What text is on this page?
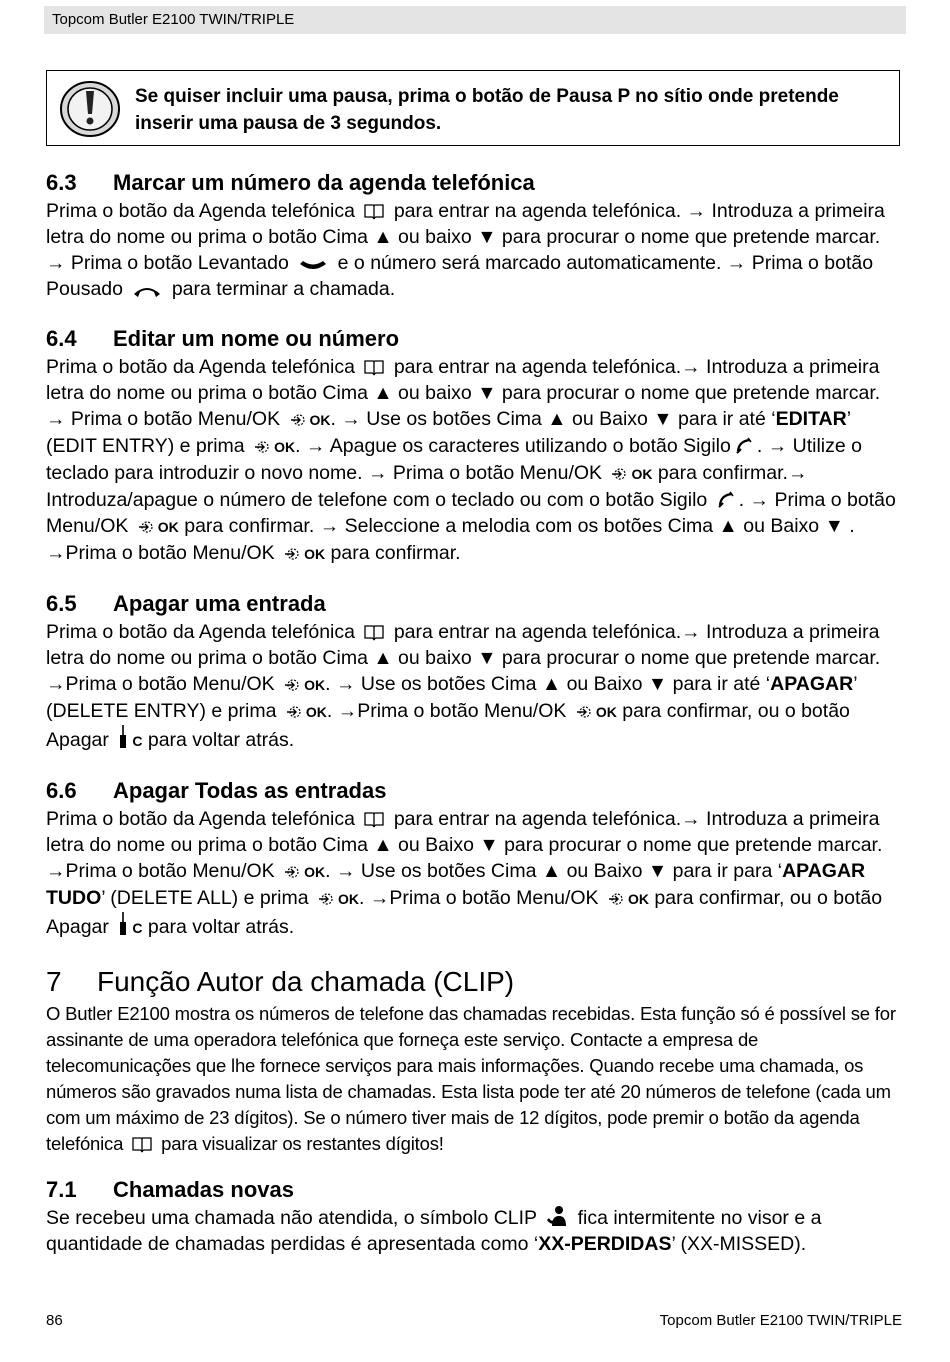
Topcom Butler E2100 TWIN/TRIPLE
Se quiser incluir uma pausa, prima o botão de Pausa P no sítio onde pretende inserir uma pausa de 3 segundos.
6.3 Marcar um número da agenda telefónica

Prima o botão da Agenda telefónica para entrar na agenda telefónica. → Introduza a primeira letra do nome ou prima o botão Cima ▲ ou baixo ▼ para procurar o nome que pretende marcar. → Prima o botão Levantado	e o número será marcado automaticamente. → Prima o botão Pousado	para terminar a chamada.

6.4 Editar um nome ou número

Prima o botão da Agenda telefónica para entrar na agenda telefónica.→ Introduza a primeira letra do nome ou prima o botão Cima ▲ ou baixo ▼ para procurar o nome que pretende marcar. → Prima o botão Menu/OK OK. → Use os botões Cima ▲ ou Baixo ▼ para ir até ‘EDITAR’ (EDIT ENTRY) e prima OK. → Apague os caracteres utilizando o botão Sigilo . → Utilize o teclado para introduzir o novo nome. → Prima o botão Menu/OK OK para confirmar.→ Introduza/apague o número de telefone com o teclado ou com o botão Sigilo . → Prima o botão Menu/OK OK para confirmar. → Seleccione a melodia com os botões Cima ▲ ou Baixo ▼ . →Prima o botão Menu/OK OK para confirmar.

6.5 Apagar uma entrada

Prima o botão da Agenda telefónica para entrar na agenda telefónica.→ Introduza a primeira letra do nome ou prima o botão Cima ▲ ou baixo ▼ para procurar o nome que pretende marcar. →Prima o botão Menu/OK OK. → Use os botões Cima ▲ ou Baixo ▼ para ir até ‘APAGAR’ (DELETE ENTRY) e prima OK. →Prima o botão Menu/OK OK para confirmar, ou o botão Apagar C para voltar atrás.

6.6 Apagar Todas as entradas

Prima o botão da Agenda telefónica para entrar na agenda telefónica.→ Introduza a primeira letra do nome ou prima o botão Cima ▲ ou Baixo ▼ para procurar o nome que pretende marcar. →Prima o botão Menu/OK OK. → Use os botões Cima ▲ ou Baixo ▼ para ir para ‘APAGAR TUDO’ (DELETE ALL) e prima OK. →Prima o botão Menu/OK OK para confirmar, ou o botão Apagar C para voltar atrás.

7 Função Autor da chamada (CLIP)

O Butler E2100 mostra os números de telefone das chamadas recebidas. Esta função só é possível se for assinante de uma operadora telefónica que forneça este serviço. Contacte a empresa de telecomunicações que lhe fornece serviços para mais informações. Quando recebe uma chamada, os números são gravados numa lista de chamadas. Esta lista pode ter até 20 números de telefone (cada um com um máximo de 23 dígitos). Se o número tiver mais de 12 dígitos, pode premir o botão da agenda telefónica para visualizar os restantes dígitos!

7.1 Chamadas novas

Se recebeu uma chamada não atendida, o símbolo CLIP fica intermitente no visor e a quantidade de chamadas perdidas é apresentada como ‘XX-PERDIDAS’ (XX-MISSED).

86	Topcom Butler E2100 TWIN/TRIPLE
